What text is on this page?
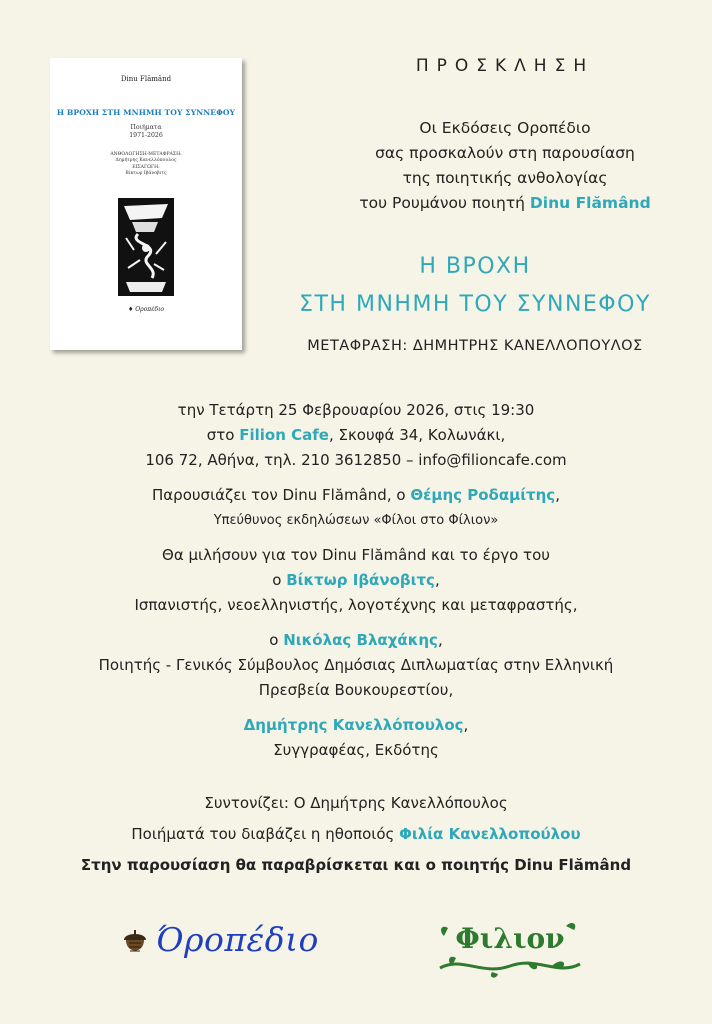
Dinu Flămând
Η ΒΡΟΧΗ ΣΤΗ ΜΝΗΜΗ ΤΟΥ ΣΥΝΝΕΦΟΥ
Ποιήματα
1971-2026
ΑΝΘΟΛΟΓΗΣΗ-ΜΕΤΑΦΡΑΣΗ:
Δημήτρης Κανελλόπουλος
ΕΙΣΑΓΩΓΗ:
Βίκτωρ Ιβάνοβιτς
♦ Οροπέδιο
ΠΡΟΣΚΛΗΣΗ
Οι Εκδόσεις Οροπέδιο
σας προσκαλούν στη παρουσίαση
της ποιητικής ανθολογίας
του Ρουμάνου ποιητή Dinu Flămând
Η ΒΡΟΧΗ
ΣΤΗ ΜΝΗΜΗ ΤΟΥ ΣΥΝΝΕΦΟΥ
ΜΕΤΑΦΡΑΣΗ: ΔΗΜΗΤΡΗΣ ΚΑΝΕΛΛΟΠΟΥΛΟΣ
την Τετάρτη 25 Φεβρουαρίου 2026, στις 19:30
στο Filion Cafe, Σκουφά 34, Κολωνάκι,
106 72, Αθήνα, τηλ. 210 3612850 – info@filioncafe.com
Παρουσιάζει τον Dinu Flămând, ο Θέμης Ροδαμίτης,
Υπεύθυνος εκδηλώσεων «Φίλοι στο Φίλιον»
Θα μιλήσουν για τον Dinu Flămând και το έργο του
ο Βίκτωρ Ιβάνοβιτς,
Ισπανιστής, νεοελληνιστής, λογοτέχνης και μεταφραστής,
ο Νικόλας Βλαχάκης,
Ποιητής - Γενικός Σύμβουλος Δημόσιας Διπλωματίας στην Ελληνική
Πρεσβεία Βουκουρεστίου,
Δημήτρης Κανελλόπουλος,
Συγγραφέας, Εκδότης
Συντονίζει: Ο Δημήτρης Κανελλόπουλος
Ποιήματά του διαβάζει η ηθοποιός Φιλία Κανελλοπούλου
Στην παρουσίαση θα παραβρίσκεται και ο ποιητής Dinu Flămând
Όροπέδιο	Φιλιον
